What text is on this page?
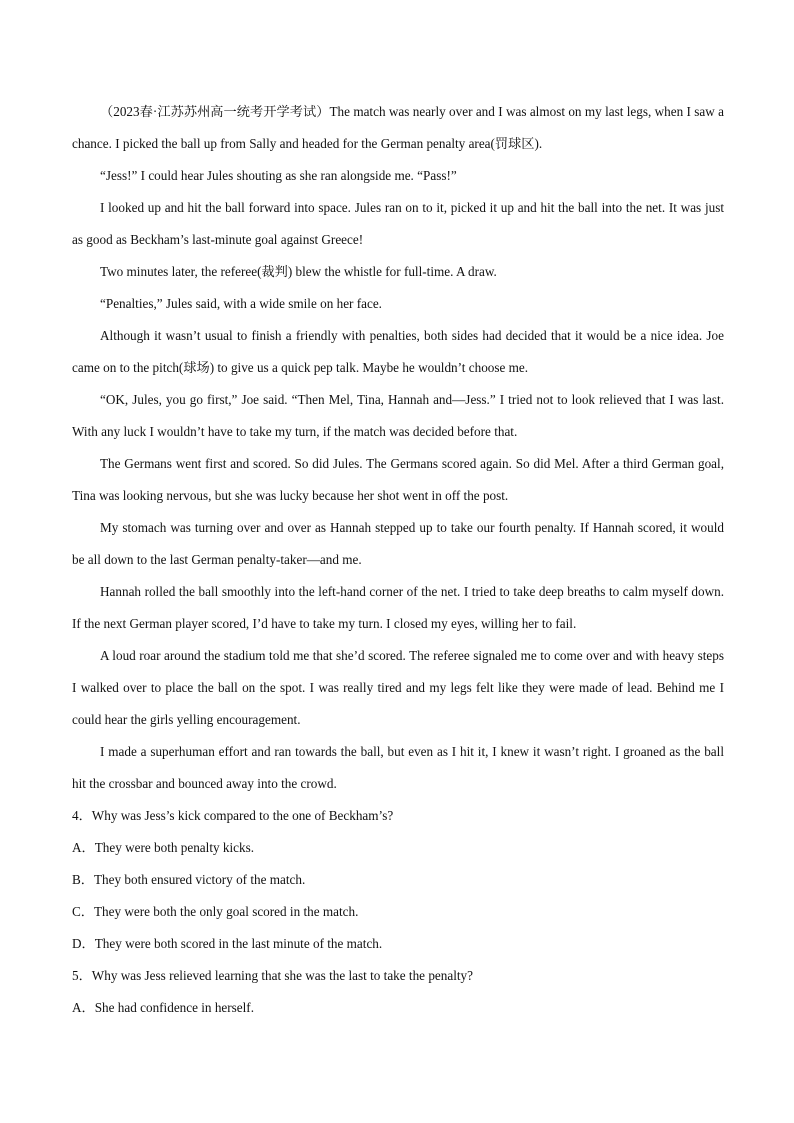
（2023春·江苏苏州高一统考开学考试）The match was nearly over and I was almost on my last legs, when I saw a chance. I picked the ball up from Sally and headed for the German penalty area(罚球区).

“Jess!” I could hear Jules shouting as she ran alongside me. “Pass!”

I looked up and hit the ball forward into space. Jules ran on to it, picked it up and hit the ball into the net. It was just as good as Beckham’s last-minute goal against Greece!

Two minutes later, the referee(裁判) blew the whistle for full-time. A draw.

“Penalties,” Jules said, with a wide smile on her face.

Although it wasn’t usual to finish a friendly with penalties, both sides had decided that it would be a nice idea. Joe came on to the pitch(球场) to give us a quick pep talk. Maybe he wouldn’t choose me.

“OK, Jules, you go first,” Joe said. “Then Mel, Tina, Hannah and—Jess.” I tried not to look relieved that I was last. With any luck I wouldn’t have to take my turn, if the match was decided before that.

The Germans went first and scored. So did Jules. The Germans scored again. So did Mel. After a third German goal, Tina was looking nervous, but she was lucky because her shot went in off the post.

My stomach was turning over and over as Hannah stepped up to take our fourth penalty. If Hannah scored, it would be all down to the last German penalty-taker—and me.

Hannah rolled the ball smoothly into the left-hand corner of the net. I tried to take deep breaths to calm myself down. If the next German player scored, I’d have to take my turn. I closed my eyes, willing her to fail.

A loud roar around the stadium told me that she’d scored. The referee signaled me to come over and with heavy steps I walked over to place the ball on the spot. I was really tired and my legs felt like they were made of lead. Behind me I could hear the girls yelling encouragement.

I made a superhuman effort and ran towards the ball, but even as I hit it, I knew it wasn’t right. I groaned as the ball hit the crossbar and bounced away into the crowd.

4．Why was Jess’s kick compared to the one of Beckham’s?

A．They were both penalty kicks.

B．They both ensured victory of the match.

C．They were both the only goal scored in the match.

D．They were both scored in the last minute of the match.

5．Why was Jess relieved learning that she was the last to take the penalty?

A．She had confidence in herself.
